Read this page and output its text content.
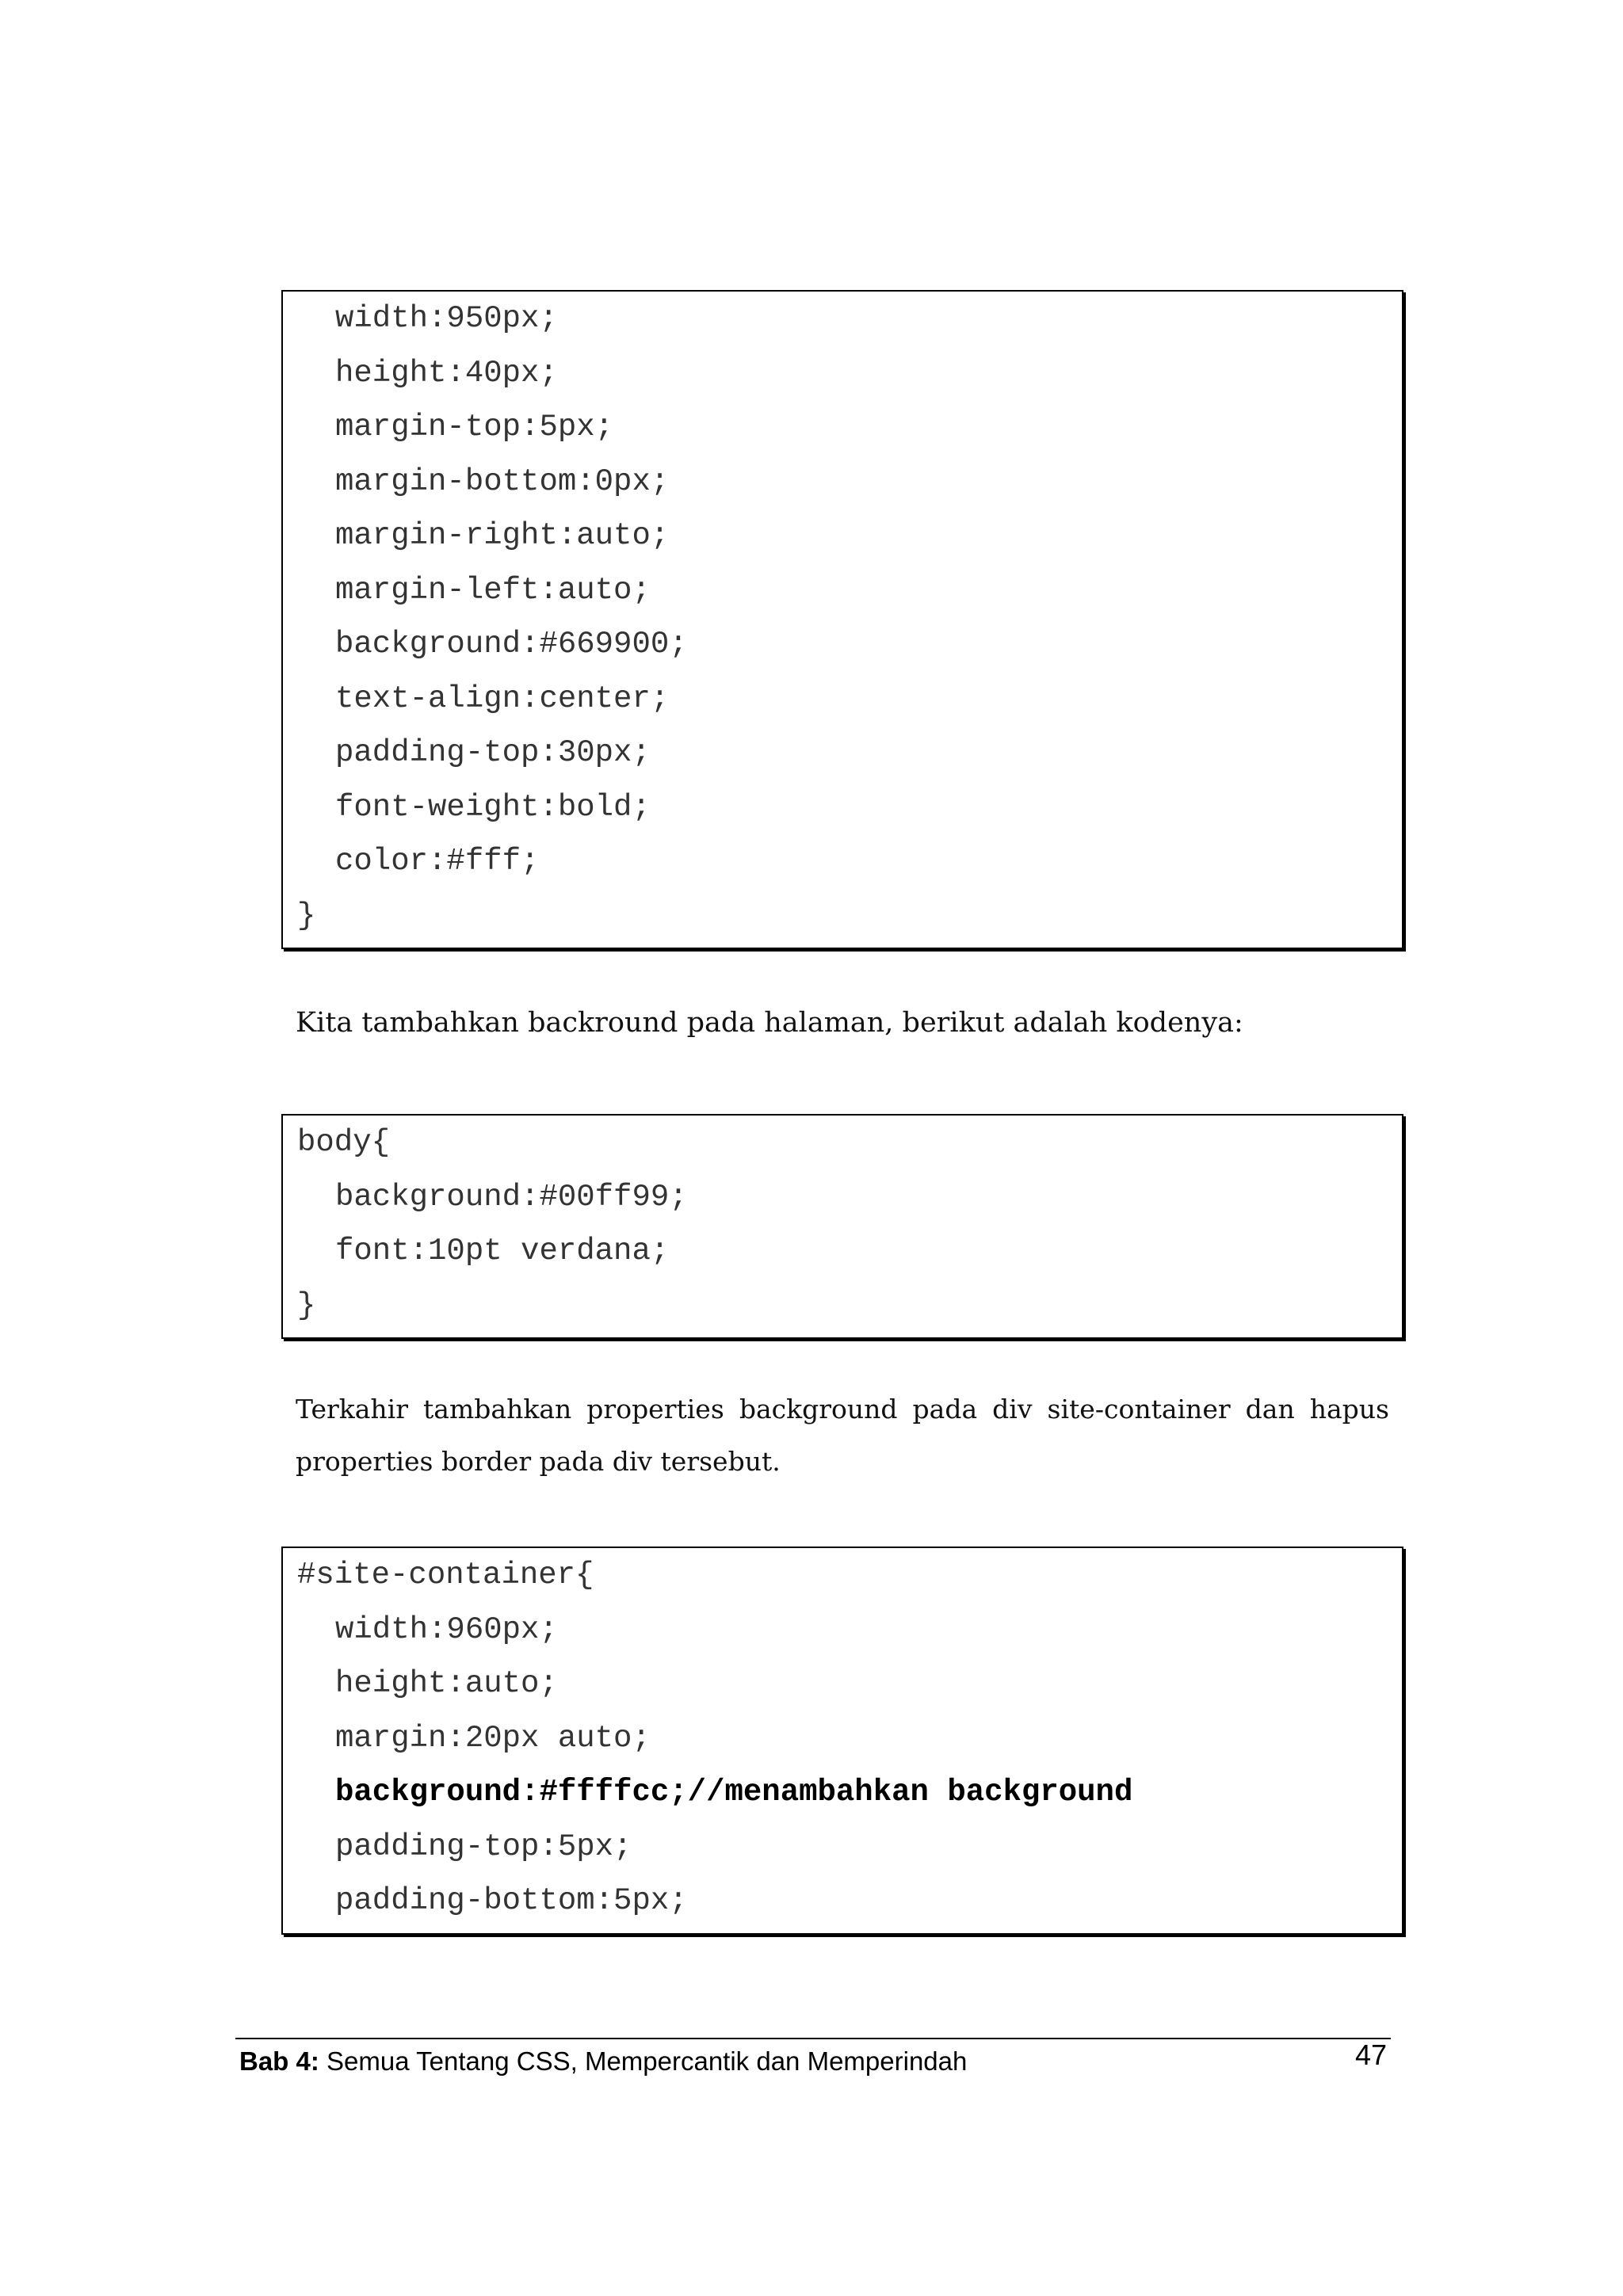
width:950px;
height:40px;
margin-top:5px;
margin-bottom:0px;
margin-right:auto;
margin-left:auto;
background:#669900;
text-align:center;
padding-top:30px;
font-weight:bold;
color:#fff;
}
Kita tambahkan backround pada halaman, berikut adalah kodenya:
body{
background:#00ff99;
font:10pt verdana;
}
Terkahir tambahkan properties background pada div site-container dan hapus properties border pada div tersebut.
#site-container{
width:960px;
height:auto;
margin:20px auto;
background:#ffffcc;//menambahkan background
padding-top:5px;
padding-bottom:5px;
Bab 4: Semua Tentang CSS, Mempercantik dan Memperindah	47
